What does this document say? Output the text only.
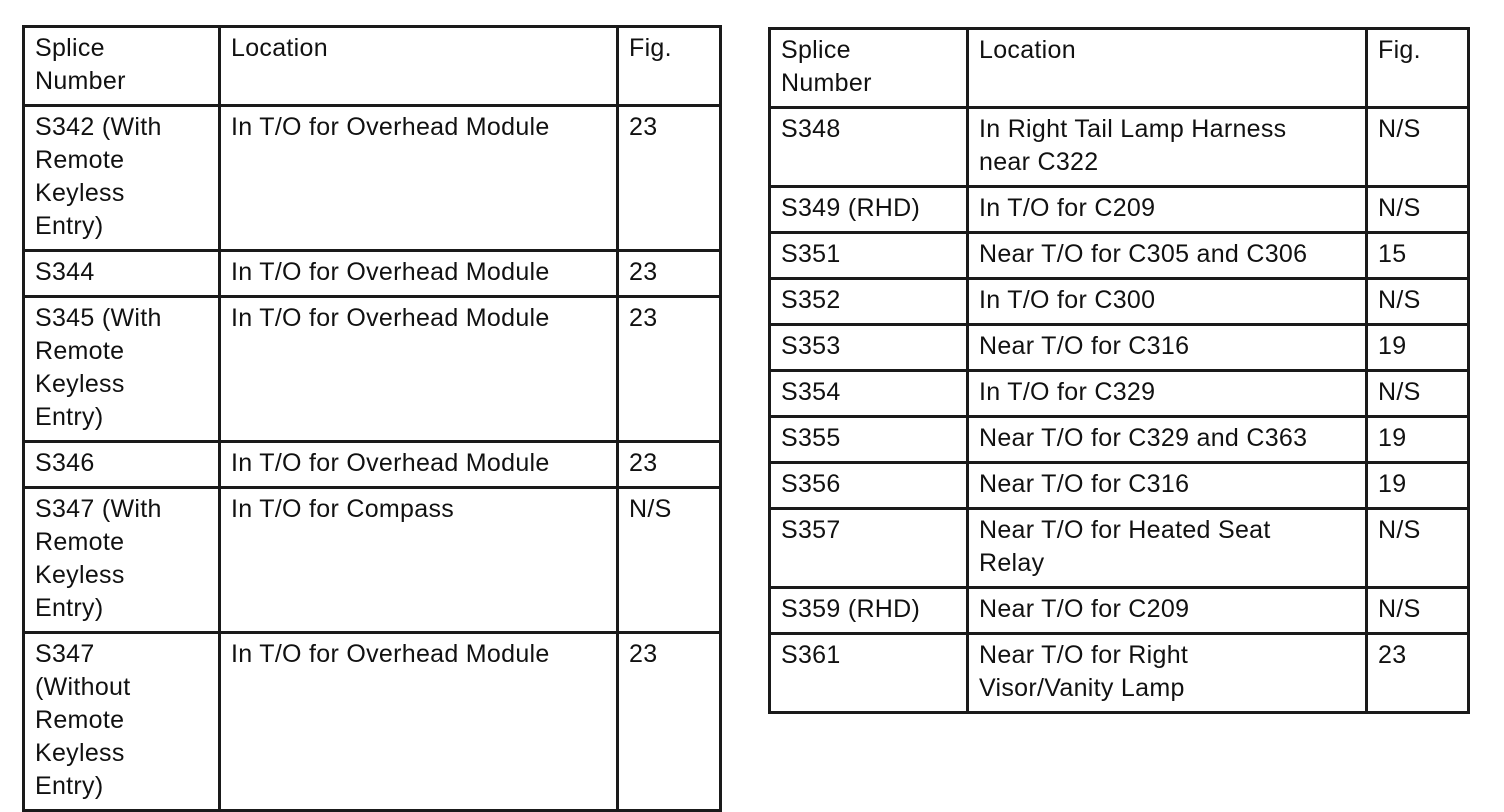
Splice
Number	Location	Fig.
S342 (With
Remote
Keyless
Entry)	In T/O for Overhead Module	23
S344	In T/O for Overhead Module	23
S345 (With
Remote
Keyless
Entry)	In T/O for Overhead Module	23
S346	In T/O for Overhead Module	23
S347 (With
Remote
Keyless
Entry)	In T/O for Compass	N/S
S347
(Without
Remote
Keyless
Entry)	In T/O for Overhead Module	23
Splice
Number	Location	Fig.
S348	In Right Tail Lamp Harness
near C322	N/S
S349 (RHD)	In T/O for C209	N/S
S351	Near T/O for C305 and C306	15
S352	In T/O for C300	N/S
S353	Near T/O for C316	19
S354	In T/O for C329	N/S
S355	Near T/O for C329 and C363	19
S356	Near T/O for C316	19
S357	Near T/O for Heated Seat
Relay	N/S
S359 (RHD)	Near T/O for C209	N/S
S361	Near T/O for Right
Visor/Vanity Lamp	23
